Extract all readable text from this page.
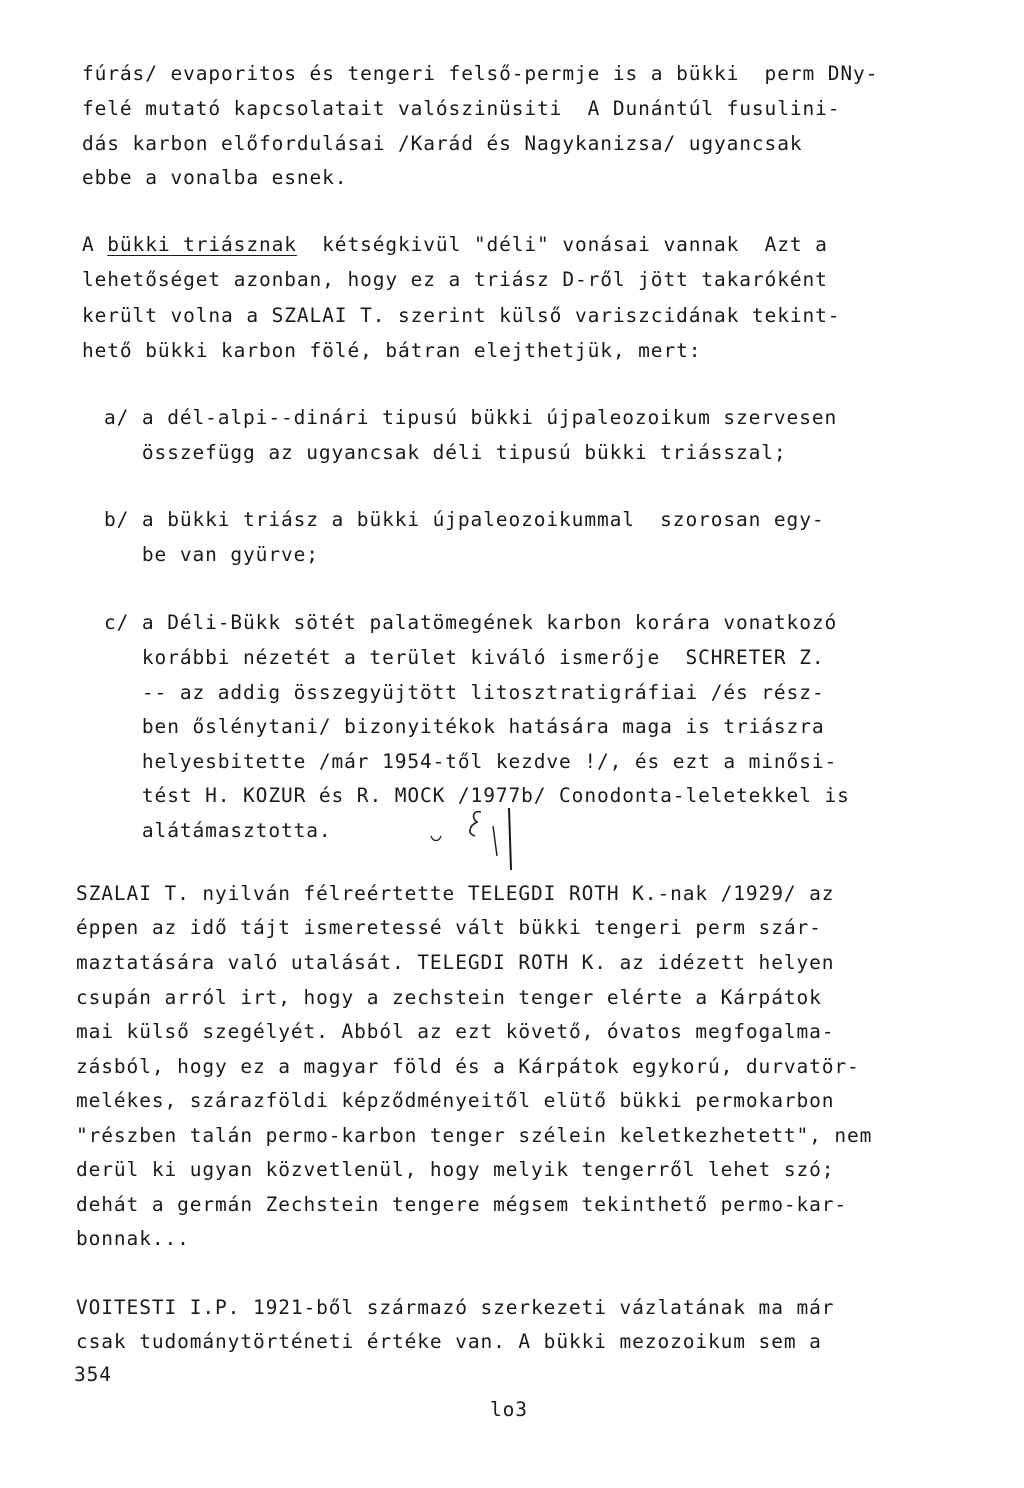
fúrás/ evaporitos és tengeri felső-permje is a bükki  perm DNy-
felé mutató kapcsolatait valószinüsiti  A Dunántúl fusulini-
dás karbon előfordulásai /Karád és Nagykanizsa/ ugyancsak
ebbe a vonalba esnek.
A bükki triásznak  kétségkivül "déli" vonásai vannak  Azt a
lehetőséget azonban, hogy ez a triász D-ről jött takaróként
került volna a SZALAI T. szerint külső variszcidának tekint-
hető bükki karbon fölé, bátran elejthetjük, mert:
a/ a dél-alpi--dinári tipusú bükki újpaleozoikum szervesen
összefügg az ugyancsak déli tipusú bükki triásszal;
b/ a bükki triász a bükki újpaleozoikummal  szorosan egy-
be van gyürve;
c/ a Déli-Bükk sötét palatömegének karbon korára vonatkozó
korábbi nézetét a terület kiváló ismerője  SCHRETER Z.
-- az addig összegyüjtött litosztratigráfiai /és rész-
ben őslénytani/ bizonyitékok hatására maga is triászra
helyesbitette /már 1954-től kezdve !/, és ezt a minősi-
tést H. KOZUR és R. MOCK /1977b/ Conodonta-leletekkel is
alátámasztotta.
SZALAI T. nyilván félreértette TELEGDI ROTH K.-nak /1929/ az
éppen az idő tájt ismeretessé vált bükki tengeri perm szár-
maztatására való utalását. TELEGDI ROTH K. az idézett helyen
csupán arról irt, hogy a zechstein tenger elérte a Kárpátok
mai külső szegélyét. Abból az ezt követő, óvatos megfogalma-
zásból, hogy ez a magyar föld és a Kárpátok egykorú, durvatör-
melékes, szárazföldi képződményeitől elütő bükki permokarbon
"részben talán permo-karbon tenger szélein keletkezhetett", nem
derül ki ugyan közvetlenül, hogy melyik tengerről lehet szó;
dehát a germán Zechstein tengere mégsem tekinthető permo-kar-
bonnak...
VOITESTI I.P. 1921-ből származó szerkezeti vázlatának ma már
csak tudománytörténeti értéke van. A bükki mezozoikum sem a
354
lo3
